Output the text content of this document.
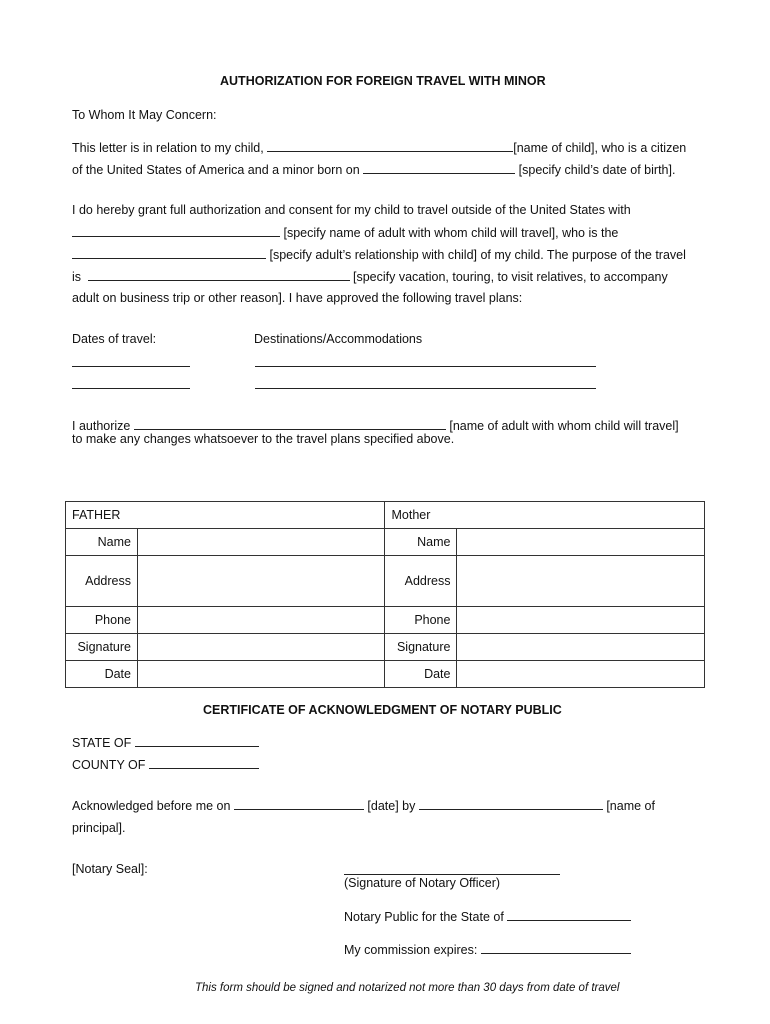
AUTHORIZATION FOR FOREIGN TRAVEL WITH MINOR
To Whom It May Concern:
This letter is in relation to my child,	[name of child], who is a citizen
of the United States of America and a minor born on	[specify child’s date of birth].
I do hereby grant full authorization and consent for my child to travel outside of the United States with
[specify name of adult with whom child will travel], who is the
[specify adult’s relationship with child] of my child. The purpose of the travel
is	[specify vacation, touring, to visit relatives, to accompany
adult on business trip or other reason]. I have approved the following travel plans:
Dates of travel:	Destinations/Accommodations
I authorize	[name of adult with whom child will travel]
to make any changes whatsoever to the travel plans specified above.
FATHER		Mother	
Name		Name	
Address		Address	
Phone		Phone	
Signature		Signature	
Date		Date	
CERTIFICATE OF ACKNOWLEDGMENT OF NOTARY PUBLIC
STATE OF
COUNTY OF
Acknowledged before me on	[date] by	[name of
principal].
[Notary Seal]:
(Signature of Notary Officer)
Notary Public for the State of
My commission expires:
This form should be signed and notarized not more than 30 days from date of travel
